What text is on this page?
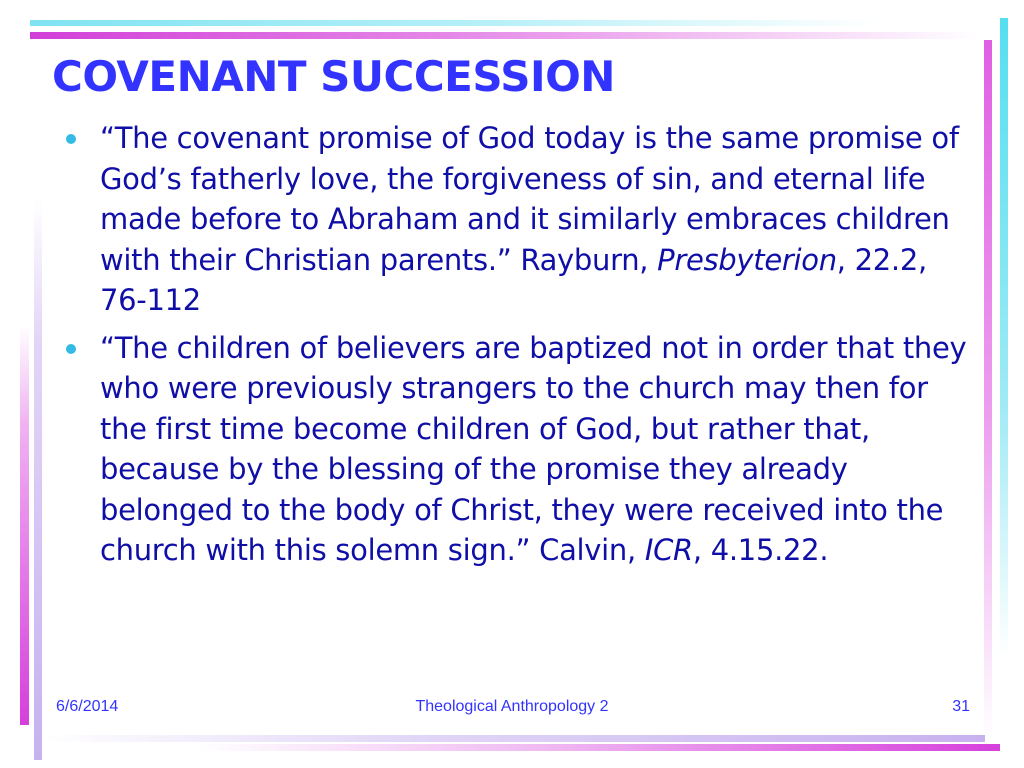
COVENANT SUCCESSION
“The covenant promise of God today is the same promise of God’s fatherly love, the forgiveness of sin, and eternal life made before to Abraham and it similarly embraces children with their Christian parents.” Rayburn, Presbyterion, 22.2, 76-112
“The children of believers are baptized not in order that they who were previously strangers to the church may then for the first time become children of God, but rather that, because by the blessing of the promise they already belonged to the body of Christ, they were received into the church with this solemn sign.” Calvin, ICR, 4.15.22.
6/6/2014	Theological Anthropology 2	31
